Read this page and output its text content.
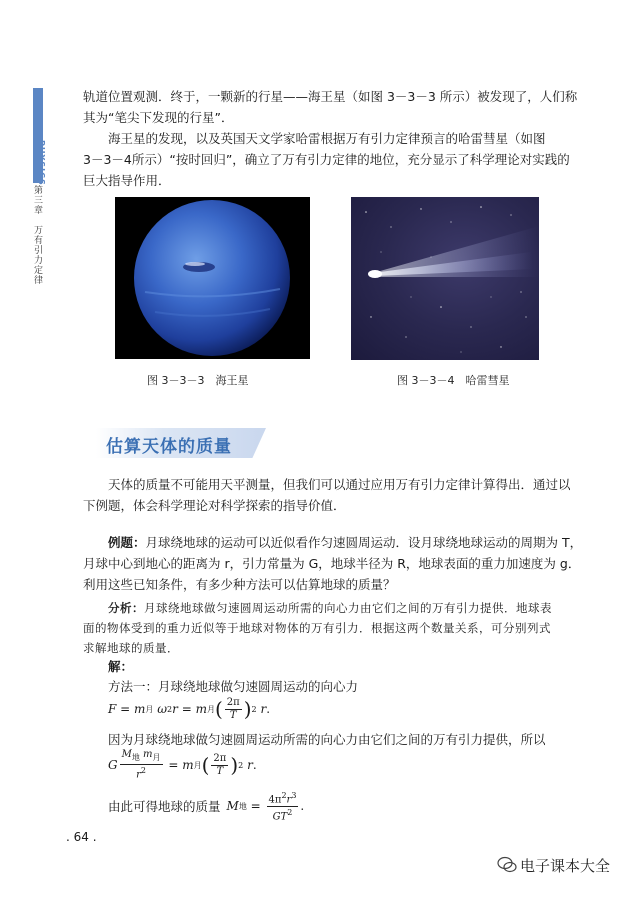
PHYSICS
第三章　万有引力定律
轨道位置观测．终于，一颗新的行星——海王星（如图 3－3－3 所示）被发现了，人们称
其为“笔尖下发现的行星”．
海王星的发现，以及英国天文学家哈雷根据万有引力定律预言的哈雷彗星（如图
3－3－4所示）“按时回归”，确立了万有引力定律的地位，充分显示了科学理论对实践的
巨大指导作用．
图 3－3－3　海王星	图 3－3－4　哈雷彗星
估算天体的质量
天体的质量不可能用天平测量，但我们可以通过应用万有引力定律计算得出．通过以
下例题，体会科学理论对科学探索的指导价值．
例题：月球绕地球的运动可以近似看作匀速圆周运动．设月球绕地球运动的周期为 T，
月球中心到地心的距离为 r，引力常量为 G，地球半径为 R，地球表面的重力加速度为 g．
利用这些已知条件，有多少种方法可以估算地球的质量？
分析：月球绕地球做匀速圆周运动所需的向心力由它们之间的万有引力提供．地球表
面的物体受到的重力近似等于地球对物体的万有引力．根据这两个数量关系，可分别列式
求解地球的质量．
解：
方法一：月球绕地球做匀速圆周运动的向心力
F = m 月
ω 2 r = m 月 ( $\frac{2\pi}{T}$ ) 2
r .
因为月球绕地球做匀速圆周运动所需的向心力由它们之间的万有引力提供，所以
G $\frac{M_地 m_月}{r^2} = m$ 月 ( $\frac{2\pi}{T}$ ) 2
r .
由此可得地球的质量 M 地 = $\frac{4\pi^2r^3}{GT^2}$ .
. 64 .
电子课本大全
